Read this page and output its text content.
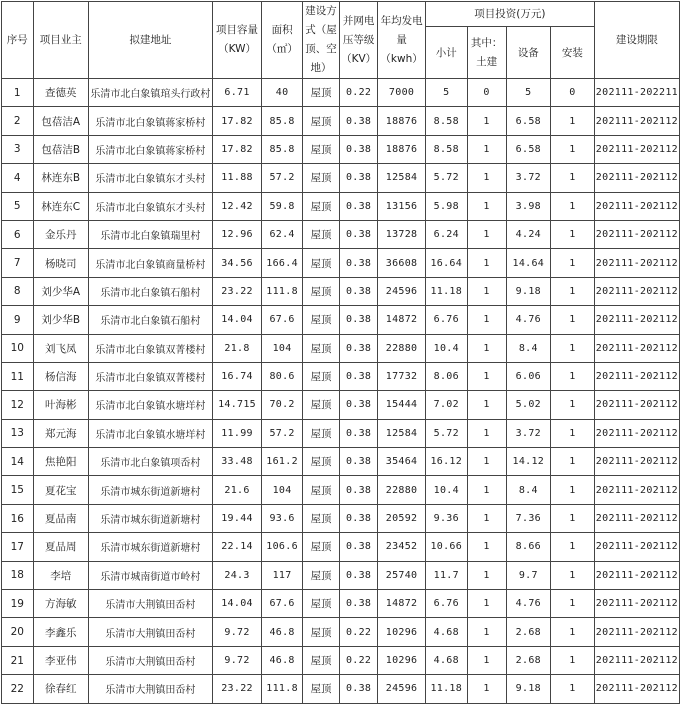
序号	项目业主	拟建地址	项目容量（KW）	面积（㎡）	建设方式（屋顶、空地）	并网电压等级（KV）	年均发电量（kwh）	项目投资(万元)				建设期限
								小计	其中：土建	设备	安装	

1	查德英	乐清市北白象镇琯头行政村	6.71	40	屋顶	0.22	7000	5	0	5	0	202111-202211
2	包蓓洁A	乐清市北白象镇蒋家桥村	17.82	85.8	屋顶	0.38	18876	8.58	1	6.58	1	202111-202112
3	包蓓洁B	乐清市北白象镇蒋家桥村	17.82	85.8	屋顶	0.38	18876	8.58	1	6.58	1	202111-202112
4	林连东B	乐清市北白象镇东才头村	11.88	57.2	屋顶	0.38	12584	5.72	1	3.72	1	202111-202112
5	林连东C	乐清市北白象镇东才头村	12.42	59.8	屋顶	0.38	13156	5.98	1	3.98	1	202111-202112
6	金乐丹	乐清市北白象镇瑞里村	12.96	62.4	屋顶	0.38	13728	6.24	1	4.24	1	202111-202112
7	杨晓司	乐清市北白象镇商量桥村	34.56	166.4	屋顶	0.38	36608	16.64	1	14.64	1	202111-202112
8	刘少华A	乐清市北白象镇石船村	23.22	111.8	屋顶	0.38	24596	11.18	1	9.18	1	202111-202112
9	刘少华B	乐清市北白象镇石船村	14.04	67.6	屋顶	0.38	14872	6.76	1	4.76	1	202111-202112
10	刘飞凤	乐清市北白象镇双菁楼村	21.8	104	屋顶	0.38	22880	10.4	1	8.4	1	202111-202112
11	杨信海	乐清市北白象镇双菁楼村	16.74	80.6	屋顶	0.38	17732	8.06	1	6.06	1	202111-202112
12	叶海彬	乐清市北白象镇水塘垟村	14.715	70.2	屋顶	0.38	15444	7.02	1	5.02	1	202111-202112
13	郑元海	乐清市北白象镇水塘垟村	11.99	57.2	屋顶	0.38	12584	5.72	1	3.72	1	202111-202112
14	焦艳阳	乐清市北白象镇项岙村	33.48	161.2	屋顶	0.38	35464	16.12	1	14.12	1	202111-202112
15	夏花宝	乐清市城东街道新塘村	21.6	104	屋顶	0.38	22880	10.4	1	8.4	1	202111-202112
16	夏品南	乐清市城东街道新塘村	19.44	93.6	屋顶	0.38	20592	9.36	1	7.36	1	202111-202112
17	夏品周	乐清市城东街道新塘村	22.14	106.6	屋顶	0.38	23452	10.66	1	8.66	1	202111-202112
18	李培	乐清市城南街道市岭村	24.3	117	屋顶	0.38	25740	11.7	1	9.7	1	202111-202112
19	方海敏	乐清市大荆镇田岙村	14.04	67.6	屋顶	0.38	14872	6.76	1	4.76	1	202111-202112
20	李鑫乐	乐清市大荆镇田岙村	9.72	46.8	屋顶	0.22	10296	4.68	1	2.68	1	202111-202112
21	李亚伟	乐清市大荆镇田岙村	9.72	46.8	屋顶	0.22	10296	4.68	1	2.68	1	202111-202112
22	徐春红	乐清市大荆镇田岙村	23.22	111.8	屋顶	0.38	24596	11.18	1	9.18	1	202111-202112
